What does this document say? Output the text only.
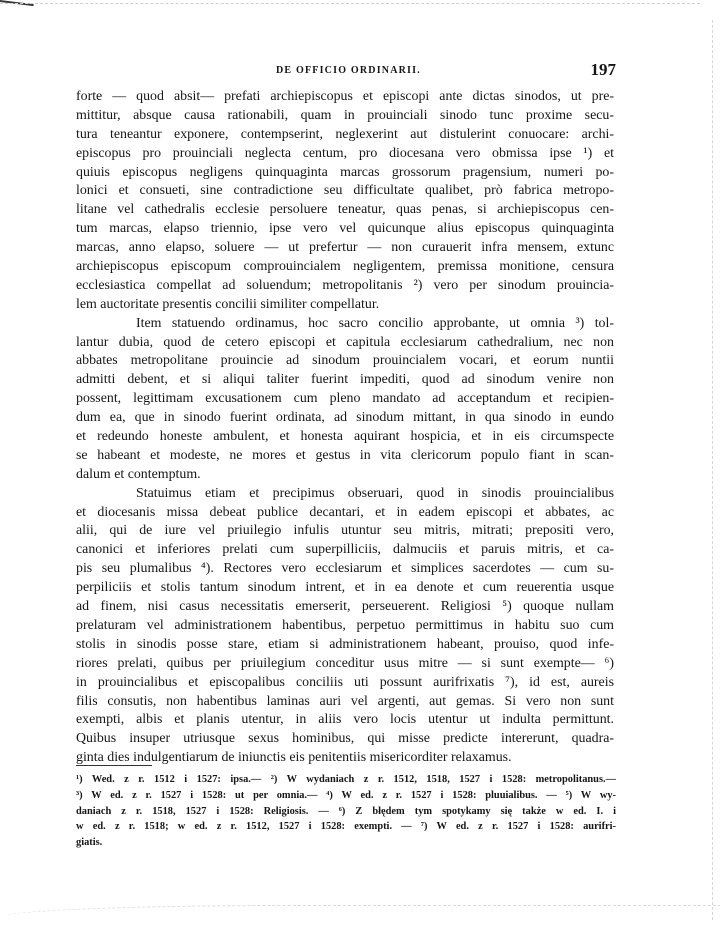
DE OFFICIO ORDINARII.	197
forte — quod absit— prefati archiepiscopus et episcopi ante dictas sinodos, ut pre-
mittitur, absque causa rationabili, quam in prouinciali sinodo tunc proxime secu-
tura teneantur exponere, contempserint, neglexerint aut distulerint conuocare: archi-
episcopus pro prouinciali neglecta centum, pro diocesana vero obmissa ipse ¹) et
quiuis episcopus negligens quinquaginta marcas grossorum pragensium, numeri po-
lonici et consueti, sine contradictione seu difficultate qualibet, prò fabrica metropo-
litane vel cathedralis ecclesie persoluere teneatur, quas penas, si archiepiscopus cen-
tum marcas, elapso triennio, ipse vero vel quicunque alius episcopus quinquaginta
marcas, anno elapso, soluere — ut prefertur — non curauerit infra mensem, extunc
archiepiscopus episcopum comprouincialem negligentem, premissa monitione, censura
ecclesiastica compellat ad soluendum; metropolitanis ²) vero per sinodum prouincia-
lem auctoritate presentis concilii similiter compellatur.
Item statuendo ordinamus, hoc sacro concilio approbante, ut omnia ³) tol-
lantur dubia, quod de cetero episcopi et capitula ecclesiarum cathedralium, nec non
abbates metropolitane prouincie ad sinodum prouincialem vocari, et eorum nuntii
admitti debent, et si aliqui taliter fuerint impediti, quod ad sinodum venire non
possent, legittimam excusationem cum pleno mandato ad acceptandum et recipien-
dum ea, que in sinodo fuerint ordinata, ad sinodum mittant, in qua sinodo in eundo
et redeundo honeste ambulent, et honesta aquirant hospicia, et in eis circumspecte
se habeant et modeste, ne mores et gestus in vita clericorum populo fiant in scan-
dalum et contemptum.
Statuimus etiam et precipimus obseruari, quod in sinodis prouincialibus
et diocesanis missa debeat publice decantari, et in eadem episcopi et abbates, ac
alii, qui de iure vel priuilegio infulis utuntur seu mitris, mitrati; prepositi vero,
canonici et inferiores prelati cum superpilliciis, dalmuciis et paruis mitris, et ca-
pis seu plumalibus ⁴). Rectores vero ecclesiarum et simplices sacerdotes — cum su-
perpiliciis et stolis tantum sinodum intrent, et in ea denote et cum reuerentia usque
ad finem, nisi casus necessitatis emerserit, perseuerent. Religiosi ⁵) quoque nullam
prelaturam vel administrationem habentibus, perpetuo permittimus in habitu suo cum
stolis in sinodis posse stare, etiam si administrationem habeant, prouiso, quod infe-
riores prelati, quibus per priuilegium conceditur usus mitre — si sunt exempte— ⁶)
in prouincialibus et episcopalibus conciliis uti possunt aurifrixatis ⁷), id est, aureis
filis consutis, non habentibus laminas auri vel argenti, aut gemas. Si vero non sunt
exempti, albis et planis utentur, in aliis vero locis utentur ut indulta permittunt.
Quibus insuper utriusque sexus hominibus, qui misse predicte intererunt, quadra-
ginta dies indulgentiarum de iniunctis eis penitentiis misericorditer relaxamus.
¹) Wed. z r. 1512 i 1527: ipsa.— ²) W wydaniach z r. 1512, 1518, 1527 i 1528: metropolitanus.—
³) W ed. z r. 1527 i 1528: ut per omnia.— ⁴) W ed. z r. 1527 i 1528: pluuialibus. — ⁵) W wy-
daniach z r. 1518, 1527 i 1528: Religiosis. — ⁶) Z błędem tym spotykamy się także w ed. I. i
w ed. z r. 1518; w ed. z r. 1512, 1527 i 1528: exempti. — ⁷) W ed. z r. 1527 i 1528: aurifri-
giatis.
